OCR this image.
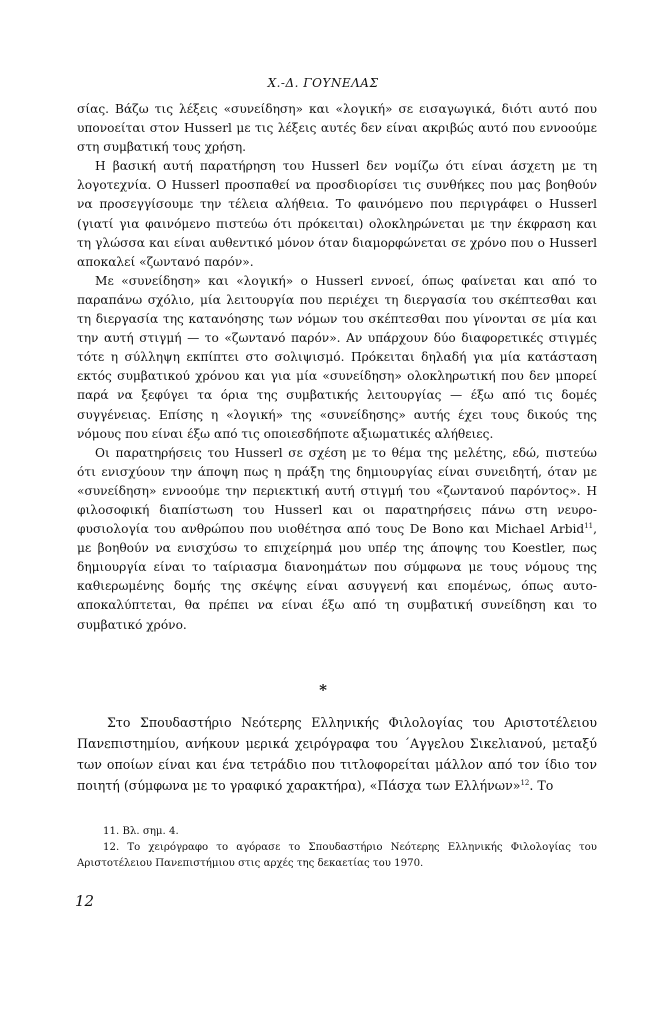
Χ.-Δ. ΓΟΥΝΕΛΑΣ

σίας. Βάζω τις λέξεις «συνείδηση» και «λογική» σε εισαγωγικά, διότι αυτό που υπονοείται στον Husserl με τις λέξεις αυτές δεν είναι ακριβώς αυτό που εννοούμε στη συμβατική τους χρήση.

Η βασική αυτή παρατήρηση του Husserl δεν νομίζω ότι είναι άσχετη με τη λογοτεχνία. Ο Husserl προσπαθεί να προσδιορίσει τις συνθήκες που μας βοηθούν να προσεγγίσουμε την τέλεια αλήθεια. Το φαινόμενο που περιγράφει ο Husserl (γιατί για φαινόμενο πιστεύω ότι πρόκειται) ολοκληρώνεται με την έκφραση και τη γλώσσα και είναι αυθεντικό μόνον όταν διαμορφώνεται σε χρόνο που ο Husserl αποκαλεί «ζωντανό παρόν».

Με «συνείδηση» και «λογική» ο Husserl εννοεί, όπως φαίνεται και από το παραπάνω σχόλιο, μία λειτουργία που περιέχει τη διεργασία του σκέπτεσθαι και τη διεργασία της κατανόησης των νόμων του σκέπτεσθαι που γίνονται σε μία και την αυτή στιγμή — το «ζωντανό παρόν». Αν υπάρχουν δύο διαφορετικές στιγμές τότε η σύλληψη εκπίπτει στο σολιψισμό. Πρόκειται δηλαδή για μία κατάσταση εκτός συμβατικού χρόνου και για μία «συνείδηση» ολοκληρωτική που δεν μπορεί παρά να ξεφύγει τα όρια της συμβατικής λειτουργίας — έξω από τις δομές συγγένειας. Επίσης η «λογική» της «συνείδησης» αυτής έχει τους δικούς της νόμους που είναι έξω από τις οποιεσδήποτε αξιωματικές αλήθειες.

Οι παρατηρήσεις του Husserl σε σχέση με το θέμα της μελέτης, εδώ, πιστεύω ότι ενισχύουν την άποψη πως η πράξη της δημιουργίας είναι συνειδητή, όταν με «συνείδηση» εννοούμε την περιεκτική αυτή στιγμή του «ζωντανού παρόντος». Η φιλοσοφική διαπίστωση του Husserl και οι παρατηρήσεις πάνω στη νευρο-φυσιολογία του ανθρώπου που υιοθέτησα από τους De Bono και Michael Arbid$^{11}$, με βοηθούν να ενισχύσω το επιχείρημά μου υπέρ της άποψης του Koestler, πως δημιουργία είναι το ταίριασμα διανοημάτων που σύμφωνα με τους νόμους της καθιερωμένης δομής της σκέψης είναι ασυγγενή και επομένως, όπως αυτο-αποκαλύπτεται, θα πρέπει να είναι έξω από τη συμβατική συνείδηση και το συμβατικό χρόνο.

*

Στο Σπουδαστήριο Νεότερης Ελληνικής Φιλολογίας του Αριστοτέλειου Πανεπιστημίου, ανήκουν μερικά χειρόγραφα του ΄Αγγελου Σικελιανού, μεταξύ των οποίων είναι και ένα τετράδιο που τιτλοφορείται μάλλον από τον ίδιο τον ποιητή (σύμφωνα με το γραφικό χαρακτήρα), «Πάσχα των Ελλήνων»$^{12}$. Το

11. Βλ. σημ. 4.

12. Το χειρόγραφο το αγόρασε το Σπουδαστήριο Νεότερης Ελληνικής Φιλολογίας του Αριστοτέλειου Πανεπιστήμιου στις αρχές της δεκαετίας του 1970.

12
